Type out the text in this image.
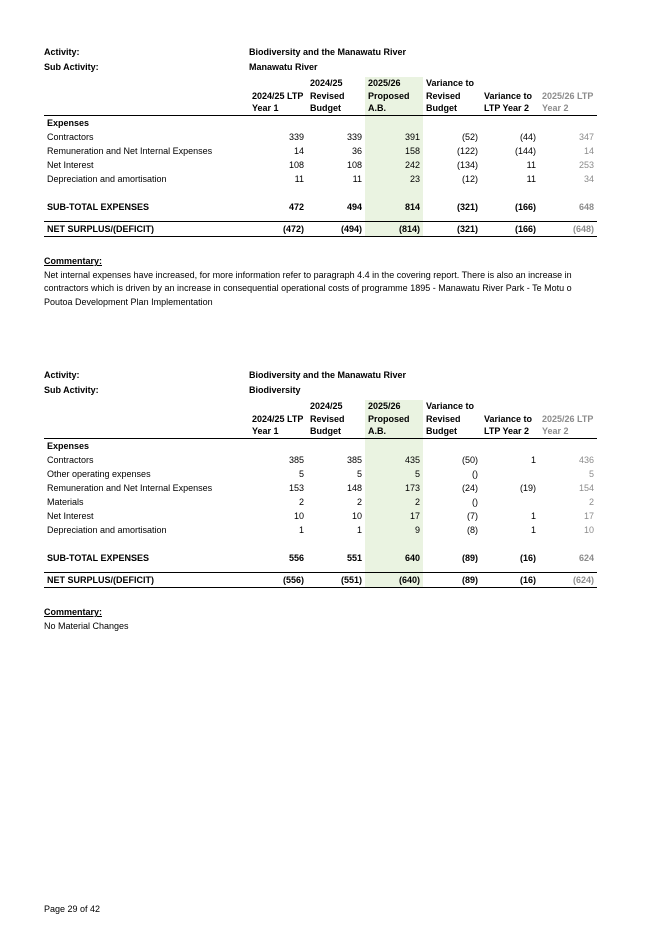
Activity:	Biodiversity and the Manawatu River
Sub Activity:	Manawatu River
		2024/25	2025/26	Variance to		
	2024/25 LTP	Revised	Proposed	Revised	Variance to	2025/26 LTP
	Year 1	Budget	A.B.	Budget	LTP Year 2	Year 2
Expenses						
Contractors	339	339	391	(52)	(44)	347
Remuneration and Net Internal Expenses	14	36	158	(122)	(144)	14
Net Interest	108	108	242	(134)	11	253
Depreciation and amortisation	11	11	23	(12)	11	34

SUB-TOTAL EXPENSES	472	494	814	(321)	(166)	648

NET SURPLUS/(DEFICIT)	(472)	(494)	(814)	(321)	(166)	(648)
Commentary:
Net internal expenses have increased, for more information refer to paragraph 4.4 in the covering report. There is also an increase in contractors which is driven by an increase in consequential operational costs of programme 1895 - Manawatu River Park - Te Motu o Poutoa Development Plan Implementation
Activity:	Biodiversity and the Manawatu River
Sub Activity:	Biodiversity
		2024/25	2025/26	Variance to		
	2024/25 LTP	Revised	Proposed	Revised	Variance to	2025/26 LTP
	Year 1	Budget	A.B.	Budget	LTP Year 2	Year 2
Expenses						
Contractors	385	385	435	(50)	1	436
Other operating expenses	5	5	5	()		5
Remuneration and Net Internal Expenses	153	148	173	(24)	(19)	154
Materials	2	2	2	()		2
Net Interest	10	10	17	(7)	1	17
Depreciation and amortisation	1	1	9	(8)	1	10

SUB-TOTAL EXPENSES	556	551	640	(89)	(16)	624

NET SURPLUS/(DEFICIT)	(556)	(551)	(640)	(89)	(16)	(624)
Commentary:
No Material Changes
Page 29 of 42
